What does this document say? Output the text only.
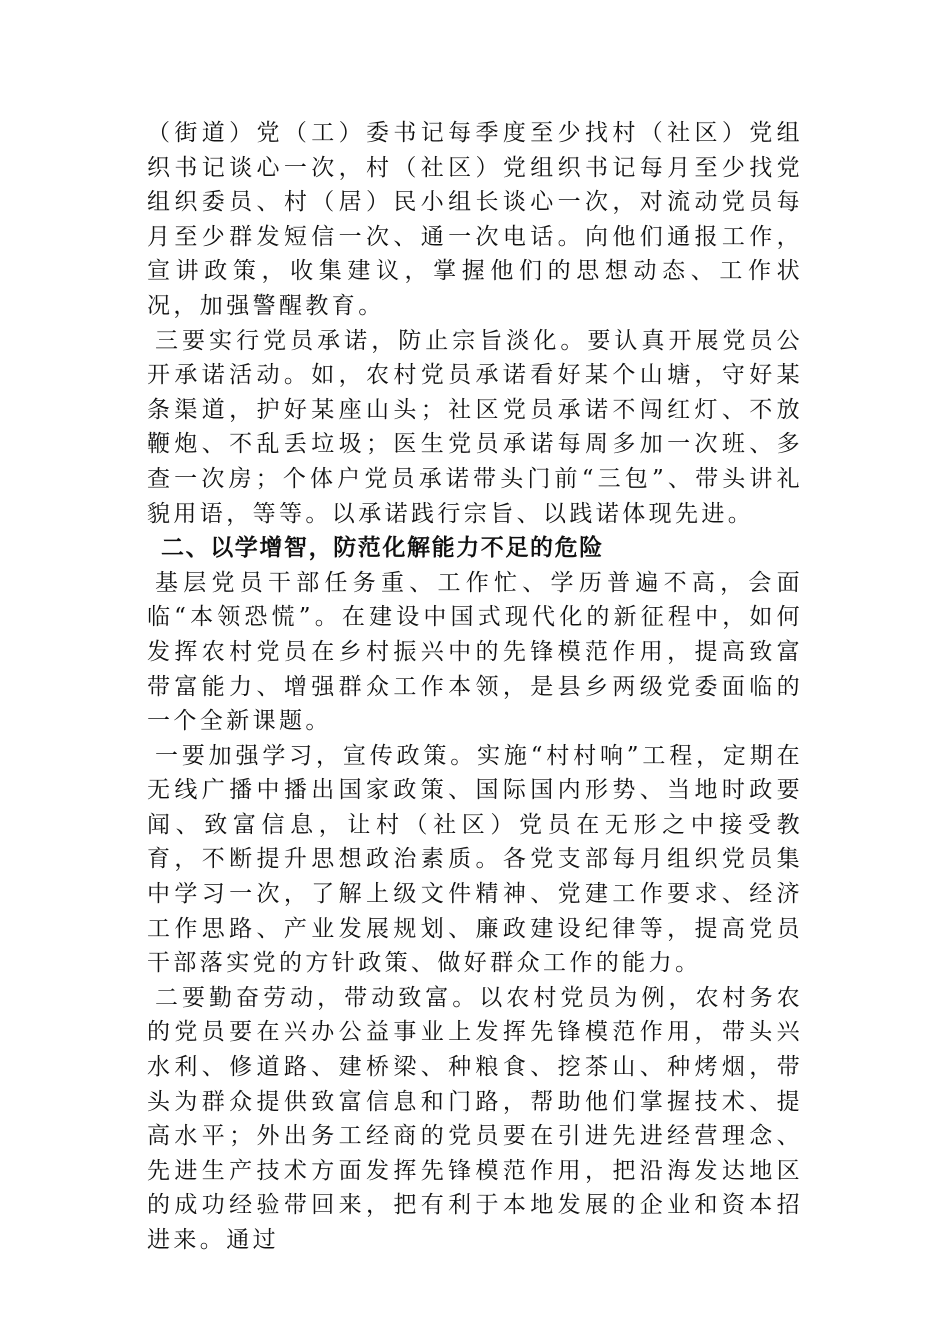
（街道）党（工）委书记每季度至少找村（社区）党组织书记谈心一次，村（社区）党组织书记每月至少找党组织委员、村（居）民小组长谈心一次，对流动党员每月至少群发短信一次、通一次电话。向他们通报工作，宣讲政策，收集建议，掌握他们的思想动态、工作状况，加强警醒教育。

三要实行党员承诺，防止宗旨淡化。要认真开展党员公开承诺活动。如，农村党员承诺看好某个山塘，守好某条渠道，护好某座山头；社区党员承诺不闯红灯、不放鞭炮、不乱丢垃圾；医生党员承诺每周多加一次班、多查一次房；个体户党员承诺带头门前“三包”、带头讲礼貌用语，等等。以承诺践行宗旨、以践诺体现先进。

二、以学增智，防范化解能力不足的危险

基层党员干部任务重、工作忙、学历普遍不高，会面临“本领恐慌”。在建设中国式现代化的新征程中，如何发挥农村党员在乡村振兴中的先锋模范作用，提高致富带富能力、增强群众工作本领，是县乡两级党委面临的一个全新课题。

一要加强学习，宣传政策。实施“村村响”工程，定期在无线广播中播出国家政策、国际国内形势、当地时政要闻、致富信息，让村（社区）党员在无形之中接受教育，不断提升思想政治素质。各党支部每月组织党员集中学习一次，了解上级文件精神、党建工作要求、经济工作思路、产业发展规划、廉政建设纪律等，提高党员干部落实党的方针政策、做好群众工作的能力。

二要勤奋劳动，带动致富。以农村党员为例，农村务农的党员要在兴办公益事业上发挥先锋模范作用，带头兴水利、修道路、建桥梁、种粮食、挖茶山、种烤烟，带头为群众提供致富信息和门路，帮助他们掌握技术、提高水平；外出务工经商的党员要在引进先进经营理念、先进生产技术方面发挥先锋模范作用，把沿海发达地区的成功经验带回来，把有利于本地发展的企业和资本招进来。通过
